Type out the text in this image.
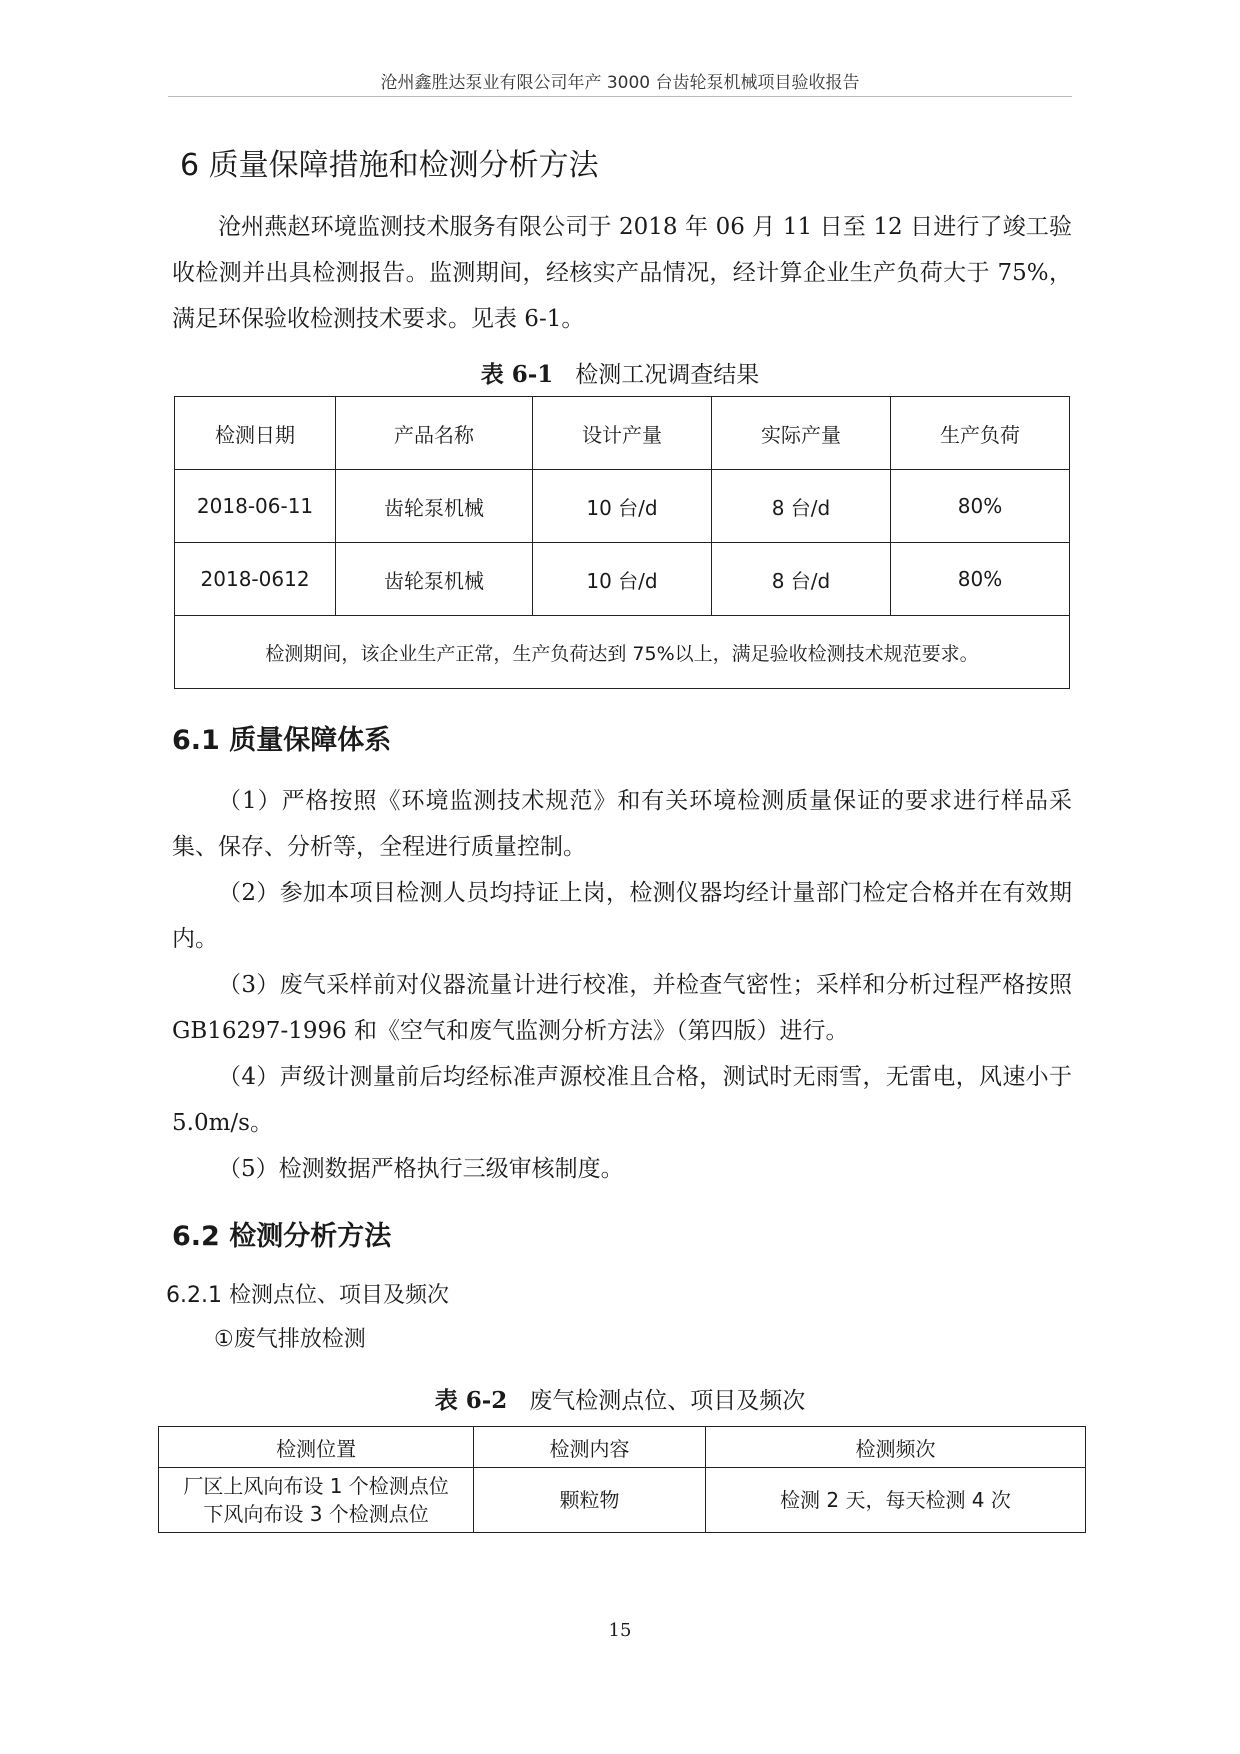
沧州鑫胜达泵业有限公司年产 3000 台齿轮泵机械项目验收报告
6 质量保障措施和检测分析方法
沧州燕赵环境监测技术服务有限公司于 2018 年 06 月 11 日至 12 日进行了竣工验收检测并出具检测报告。监测期间，经核实产品情况，经计算企业生产负荷大于 75%，满足环保验收检测技术要求。见表 6-1。
表 6-1 检测工况调查结果
检测日期	产品名称	设计产量	实际产量	生产负荷
2018-06-11	齿轮泵机械	10 台/d	8 台/d	80%
2018-0612	齿轮泵机械	10 台/d	8 台/d	80%
检测期间，该企业生产正常，生产负荷达到 75%以上，满足验收检测技术规范要求。				
6.1 质量保障体系
（1）严格按照《环境监测技术规范》和有关环境检测质量保证的要求进行样品采集、保存、分析等，全程进行质量控制。
（2）参加本项目检测人员均持证上岗，检测仪器均经计量部门检定合格并在有效期内。
（3）废气采样前对仪器流量计进行校准，并检查气密性；采样和分析过程严格按照 GB16297-1996 和《空气和废气监测分析方法》（第四版）进行。
（4）声级计测量前后均经标准声源校准且合格，测试时无雨雪，无雷电，风速小于 5.0m/s。
（5）检测数据严格执行三级审核制度。
6.2 检测分析方法
6.2.1 检测点位、项目及频次
①废气排放检测
表 6-2 废气检测点位、项目及频次
检测位置	检测内容	检测频次

厂区上风向布设 1 个检测点位
下风向布设 3 个检测点位	颗粒物	检测 2 天，每天检测 4 次
15
